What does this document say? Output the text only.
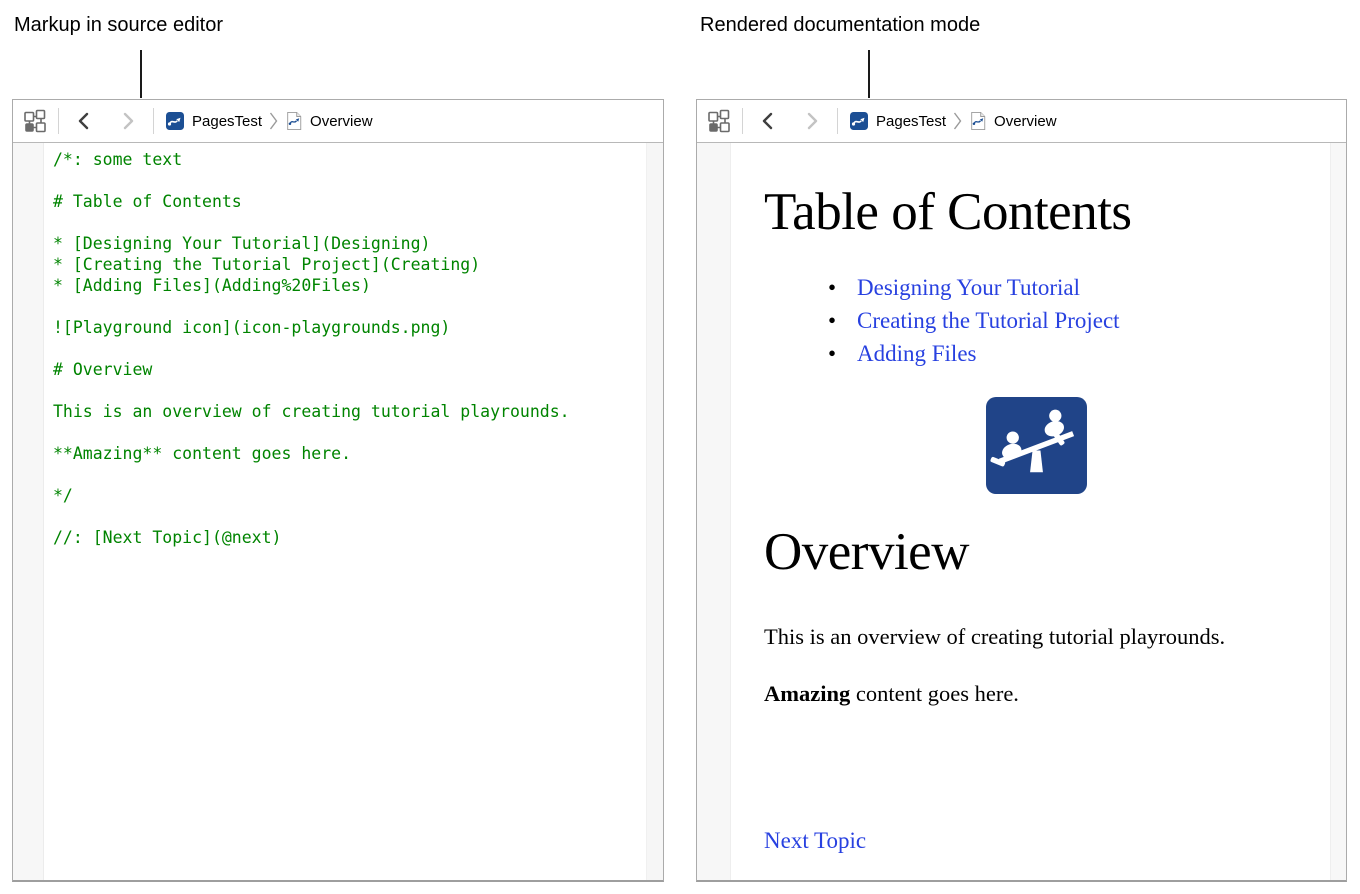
Markup in source editor	Rendered documentation mode
PagesTest	Overview
/*: some text
# Table of Contents
* [Designing Your Tutorial](Designing)
* [Creating the Tutorial Project](Creating)
* [Adding Files](Adding%20Files)
![Playground icon](icon-playgrounds.png)
# Overview
This is an overview of creating tutorial playrounds.
**Amazing** content goes here.
*/
//: [Next Topic](@next)
PagesTest	Overview
Table of Contents
• Designing Your Tutorial
• Creating the Tutorial Project
• Adding Files
Overview

This is an overview of creating tutorial playrounds.

Amazing content goes here.

Next Topic
